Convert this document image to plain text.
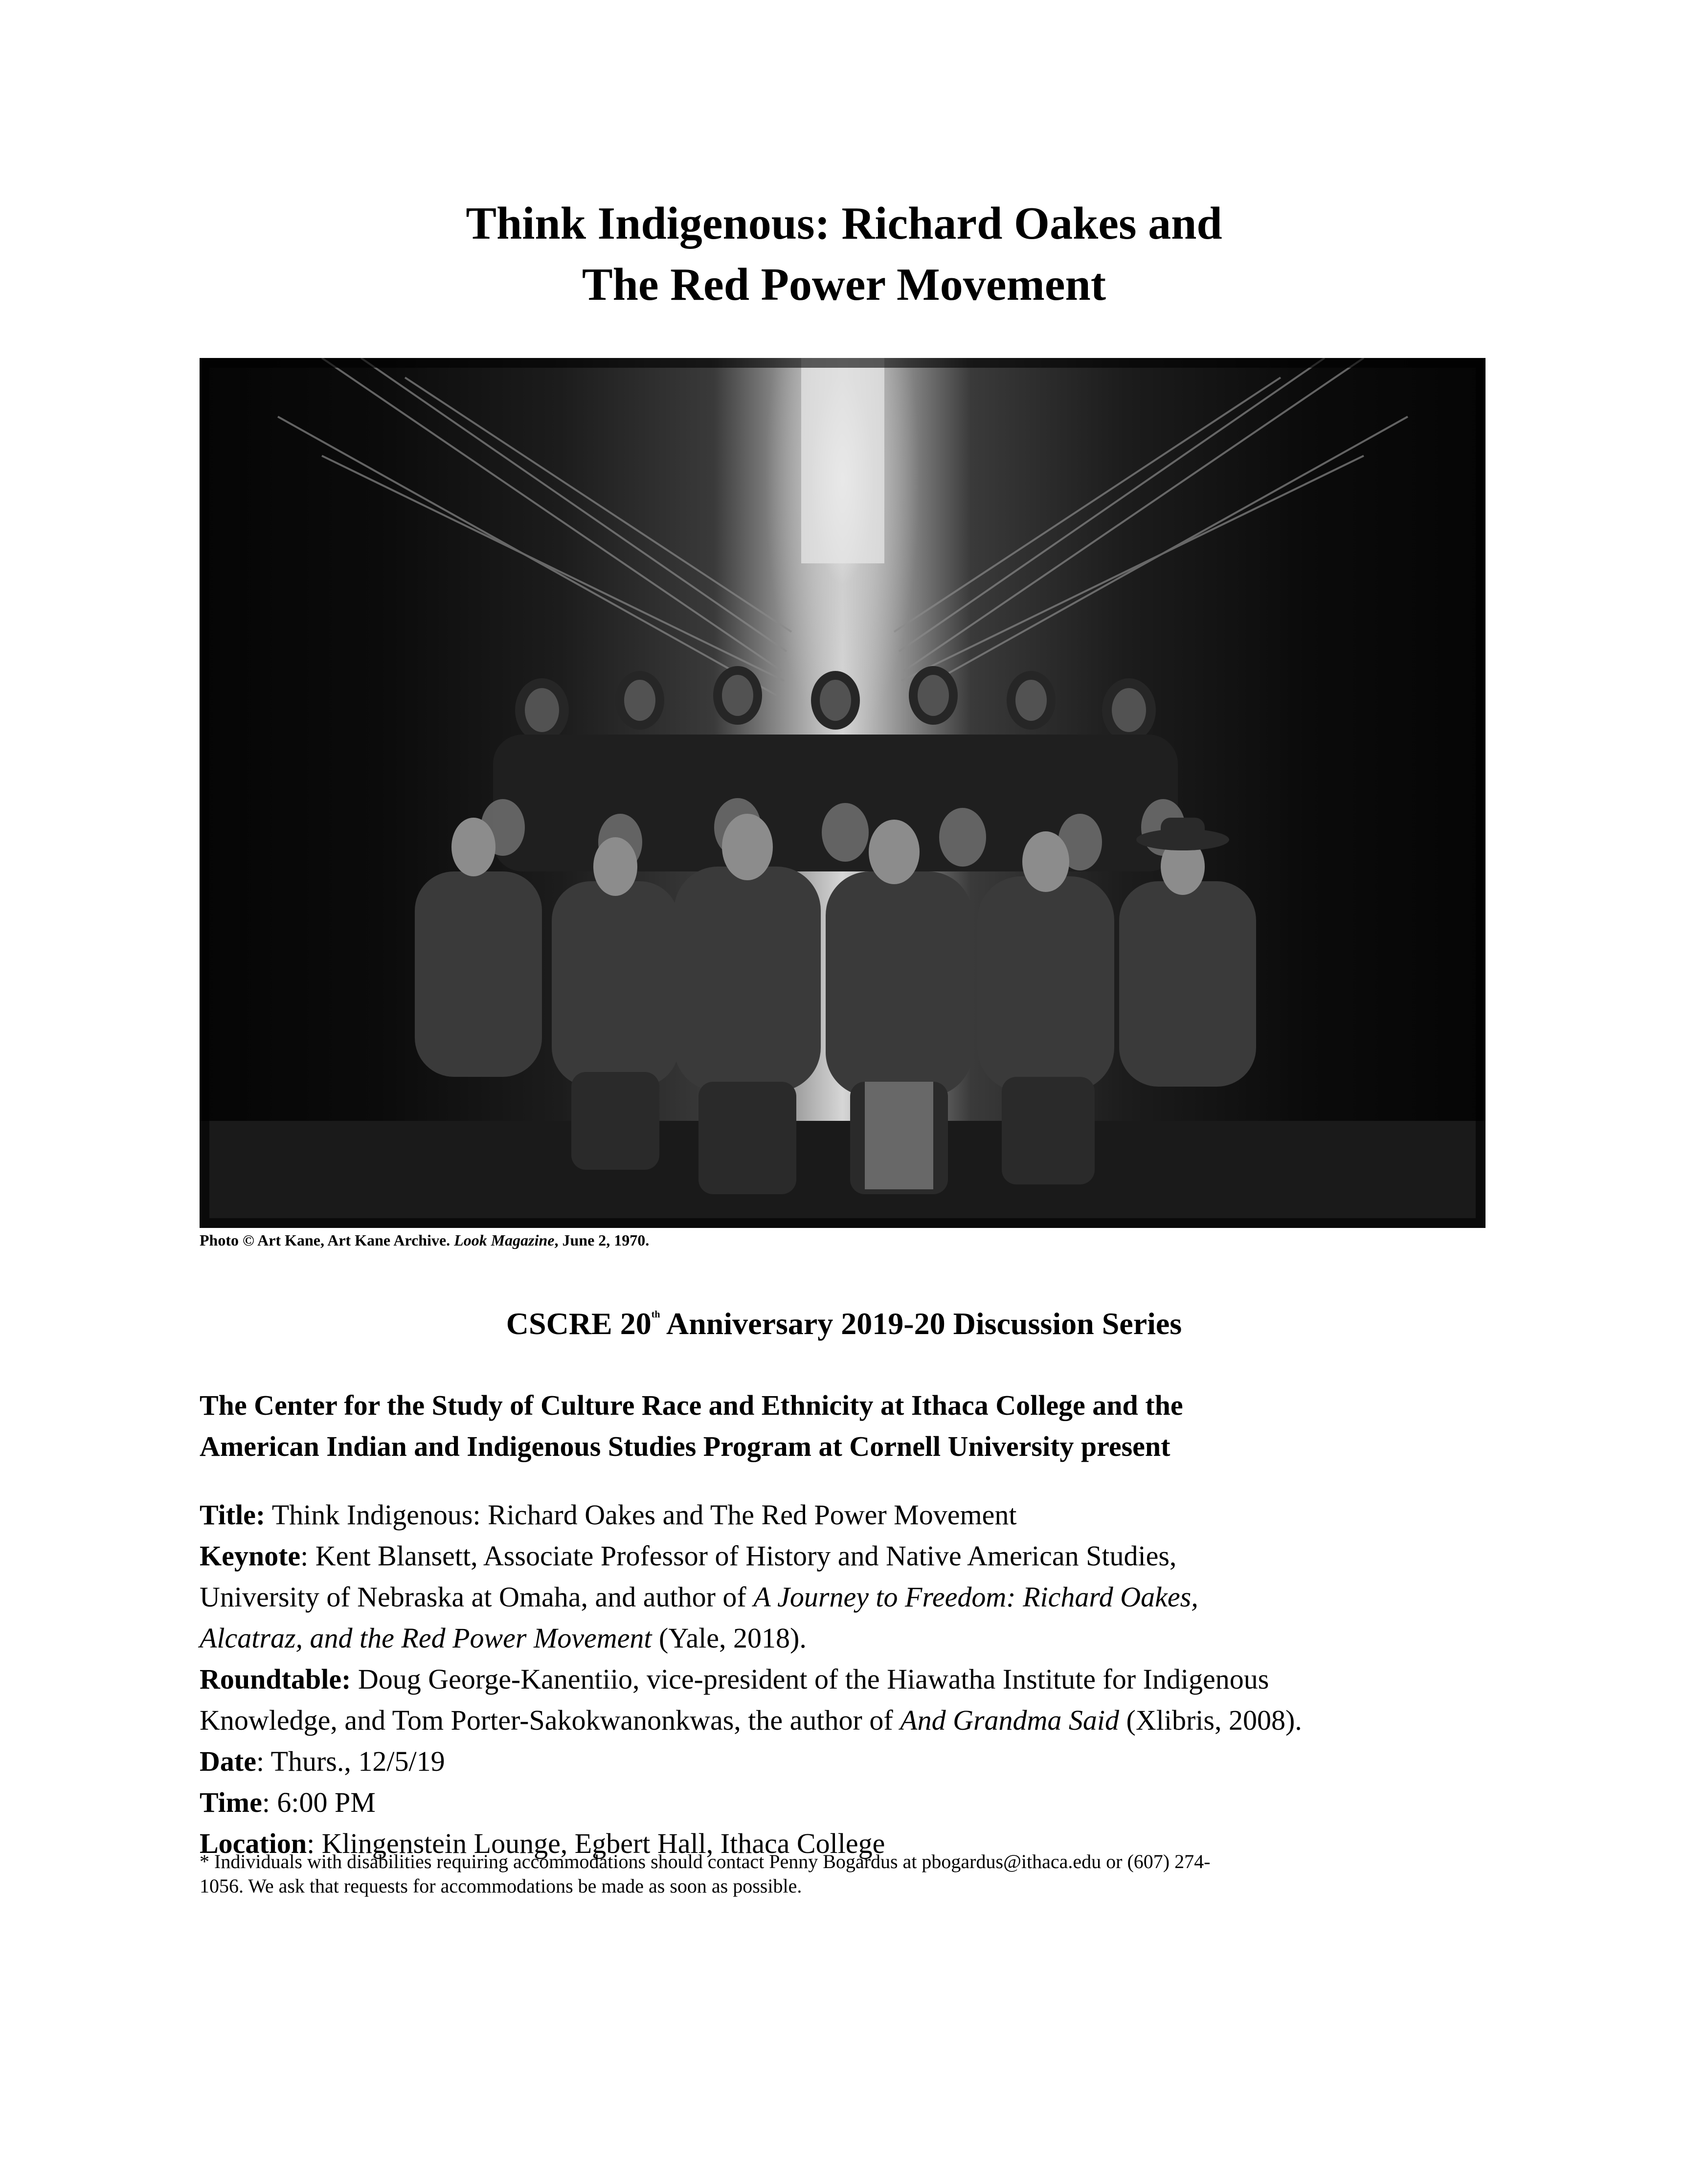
Think Indigenous: Richard Oakes and
The Red Power Movement
Photo © Art Kane, Art Kane Archive. Look Magazine, June 2, 1970.
CSCRE 20th Anniversary 2019-20 Discussion Series
The Center for the Study of Culture Race and Ethnicity at Ithaca College and the
American Indian and Indigenous Studies Program at Cornell University present
Title: Think Indigenous: Richard Oakes and The Red Power Movement
Keynote: Kent Blansett, Associate Professor of History and Native American Studies,
University of Nebraska at Omaha, and author of A Journey to Freedom: Richard Oakes,
Alcatraz, and the Red Power Movement (Yale, 2018).
Roundtable: Doug George-Kanentiio, vice-president of the Hiawatha Institute for Indigenous
Knowledge, and Tom Porter-Sakokwanonkwas, the author of And Grandma Said (Xlibris, 2008).
Date: Thurs., 12/5/19
Time: 6:00 PM
Location: Klingenstein Lounge, Egbert Hall, Ithaca College
* Individuals with disabilities requiring accommodations should contact Penny Bogardus at pbogardus@ithaca.edu or (607) 274-
1056. We ask that requests for accommodations be made as soon as possible.
